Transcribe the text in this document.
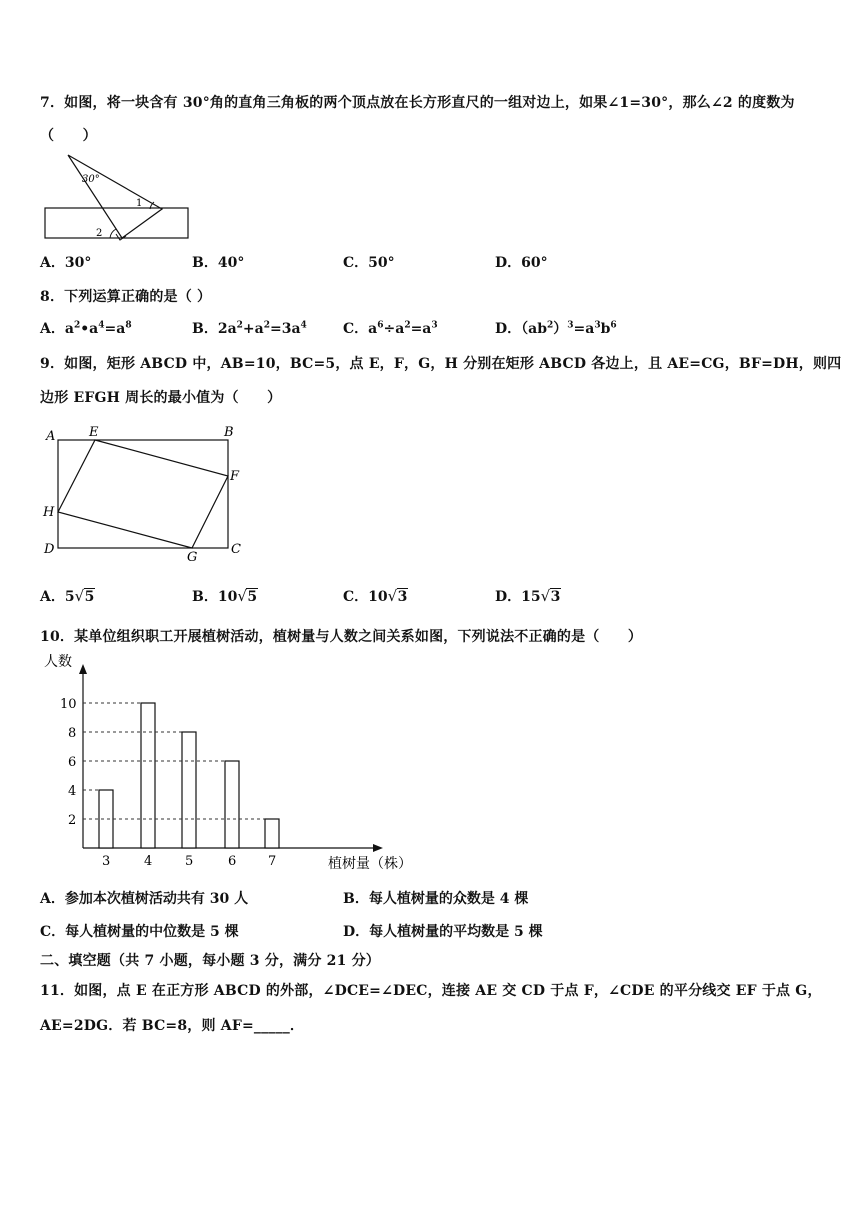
7．如图，将一块含有 30°角的直角三角板的两个顶点放在长方形直尺的一组对边上，如果∠1=30°，那么∠2 的度数为
（　　）
30°
1
2
A．30°	B．40°	C．50°	D．60°
8．下列运算正确的是（ ）
A．$a^2•a^4=a^8$	B．$2a^2+a^2=3a^4$	C．$a^6\div a^2=a^3$	D．$(ab^2)^3=a^3b^6$
9．如图，矩形 ABCD 中，AB=10，BC=5，点 E，F，G，H 分别在矩形 ABCD 各边上，且 AE=CG，BF=DH，则四
边形 EFGH 周长的最小值为（　　）
A	E	B
F
H
D
G
C
A．5 √ 5	B．10 √ 5	C．10 √ 3	D．15 √ 3
10．某单位组织职工开展植树活动，植树量与人数之间关系如图，下列说法不正确的是（　　）
人数
植树量（株）
3	4	5	6 7
2
4
6
8
10
A．参加本次植树活动共有 30 人	B．每人植树量的众数是 4 棵
C．每人植树量的中位数是 5 棵	D．每人植树量的平均数是 5 棵
二、填空题（共 7 小题，每小题 3 分，满分 21 分）
11．如图，点 E 在正方形 ABCD 的外部，∠DCE=∠DEC，连接 AE 交 CD 于点 F，∠CDE 的平分线交 EF 于点 G，
AE=2DG．若 BC=8，则 AF=_____．
